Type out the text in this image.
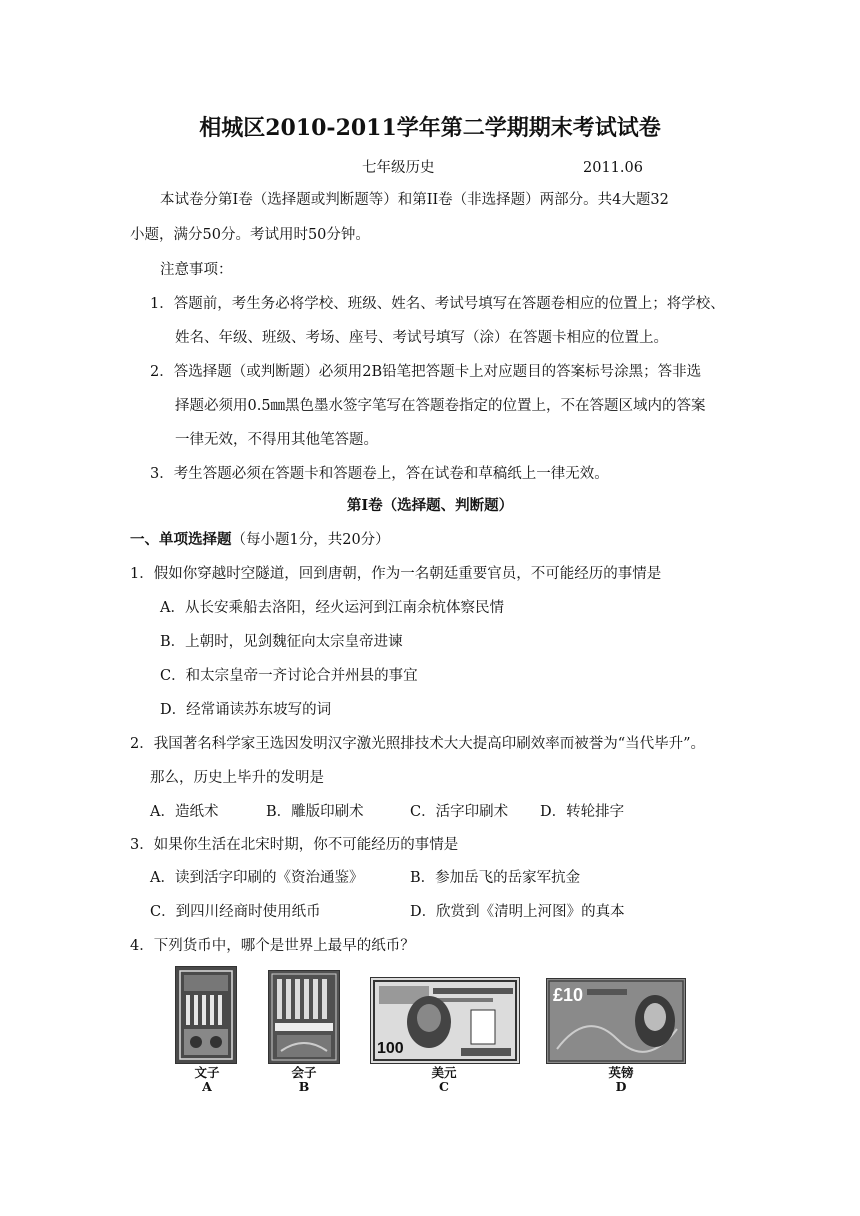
相城区2010-2011学年第二学期期末考试试卷
七年级历史	2011.06
本试卷分第Ⅰ卷（选择题或判断题等）和第II卷（非选择题）两部分。共4大题32
小题，满分50分。考试用时50分钟。
注意事项：
1．答题前，考生务必将学校、班级、姓名、考试号填写在答题卷相应的位置上；将学校、
姓名、年级、班级、考场、座号、考试号填写（涂）在答题卡相应的位置上。
2．答选择题（或判断题）必须用2B铅笔把答题卡上对应题目的答案标号涂黑；答非选
择题必须用0.5㎜黑色墨水签字笔写在答题卷指定的位置上，不在答题区域内的答案
一律无效，不得用其他笔答题。
3．考生答题必须在答题卡和答题卷上，答在试卷和草稿纸上一律无效。
第Ⅰ卷（选择题、判断题）
一、单项选择题（每小题1分，共20分）
1．假如你穿越时空隧道，回到唐朝，作为一名朝廷重要官员，不可能经历的事情是
A．从长安乘船去洛阳，经火运河到江南余杭体察民情
B．上朝时，见剑魏征向太宗皇帝进谏
C．和太宗皇帝一齐讨论合并州县的事宜
D．经常诵读苏东坡写的词
2．我国著名科学家王选因发明汉字激光照排技术大大提高印刷效率而被誉为“当代毕升”。
那么，历史上毕升的发明是
A．造纸术	B．雕版印刷术	C．活字印刷术 D．转轮排字
3．如果你生活在北宋时期，你不可能经历的事情是
A．读到活字印刷的《资治通鉴》	B．参加岳飞的岳家军抗金
C．到四川经商时使用纸币	D．欣赏到《清明上河图》的真本
4．下列货币中，哪个是世界上最早的纸币？
100
£10
文子
A
会子
B
美元
C
英镑
D
